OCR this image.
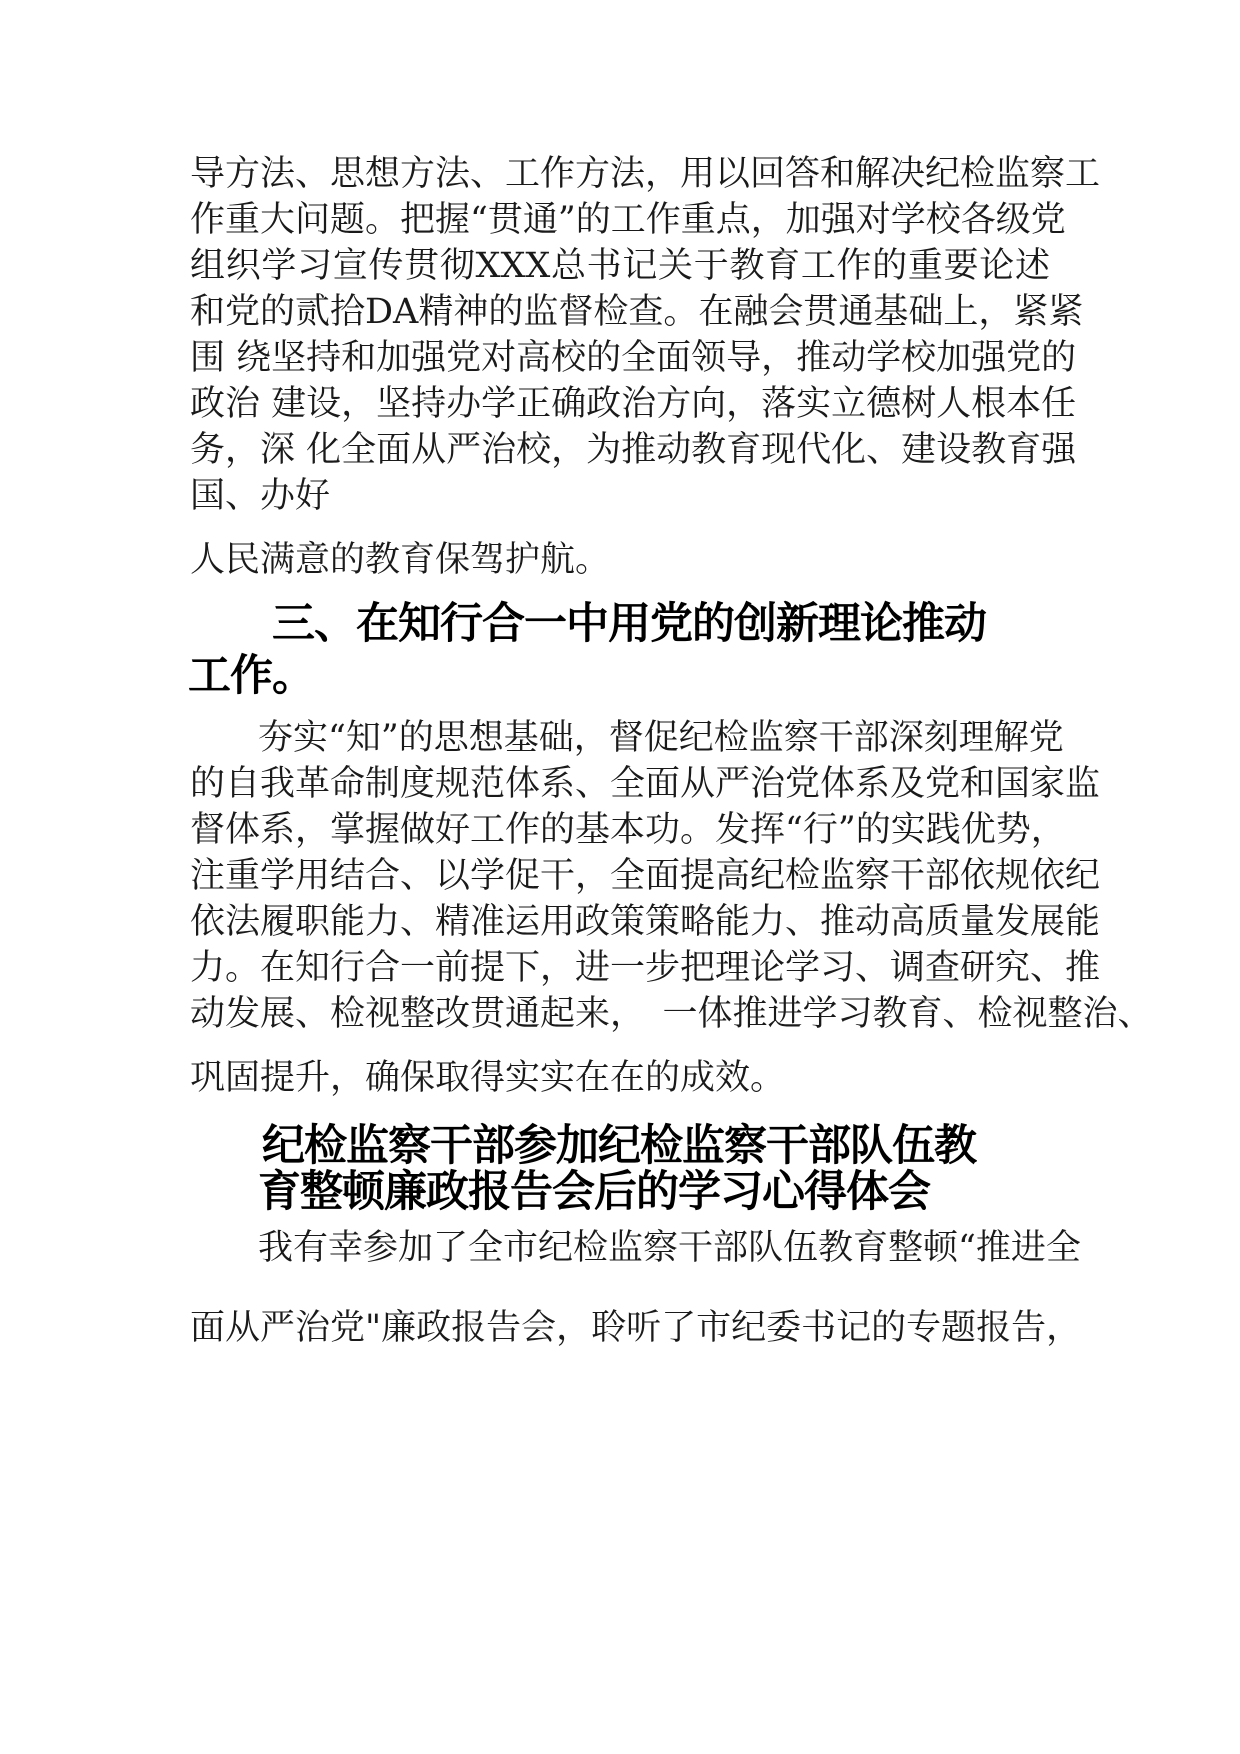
导方法、思想方法、工作方法，用以回答和解决纪检监察工
作重大问题。把握“贯通”的工作重点，加强对学校各级党
组织学习宣传贯彻XXX总书记关于教育工作的重要论述
和党的贰拾DA精神的监督检查。在融会贯通基础上，紧紧
围 绕坚持和加强党对高校的全面领导，推动学校加强党的
政治 建设，坚持办学正确政治方向，落实立德树人根本任
务，深 化全面从严治校，为推动教育现代化、建设教育强
国、办好
人民满意的教育保驾护航。
三、在知行合一中用党的创新理论推动
工作。
夯实“知”的思想基础，督促纪检监察干部深刻理解党
的自我革命制度规范体系、全面从严治党体系及党和国家监
督体系，掌握做好工作的基本功。发挥“行”的实践优势，
注重学用结合、以学促干，全面提高纪检监察干部依规依纪
依法履职能力、精准运用政策策略能力、推动高质量发展能
力。在知行合一前提下，进一步把理论学习、调查研究、推
动发展、检视整改贯通起来，　一体推进学习教育、检视整治、
巩固提升，确保取得实实在在的成效。
纪检监察干部参加纪检监察干部队伍教
育整顿廉政报告会后的学习心得体会
我有幸参加了全市纪检监察干部队伍教育整顿“推进全
面从严治党"廉政报告会，聆听了市纪委书记的专题报告，
